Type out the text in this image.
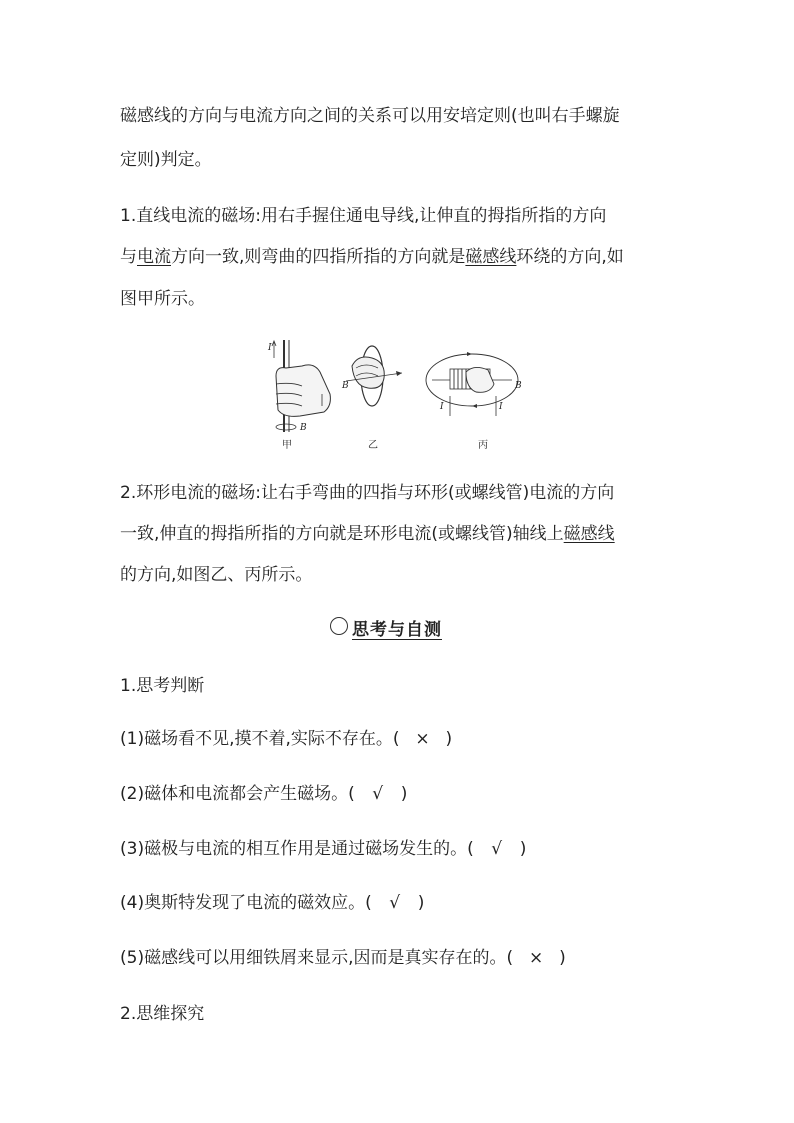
磁感线的方向与电流方向之间的关系可以用安培定则(也叫右手螺旋
定则)判定。
1.直线电流的磁场:用右手握住通电导线,让伸直的拇指所指的方向
与电流方向一致,则弯曲的四指所指的方向就是磁感线环绕的方向,如
图甲所示。
I
B
甲
B
乙
I	I
B
丙
2.环形电流的磁场:让右手弯曲的四指与环形(或螺线管)电流的方向
一致,伸直的拇指所指的方向就是环形电流(或螺线管)轴线上磁感线
的方向,如图乙、丙所示。
思考与自测
1.思考判断
(1)磁场看不见,摸不着,实际不存在。( × )
(2)磁体和电流都会产生磁场。( √ )
(3)磁极与电流的相互作用是通过磁场发生的。( √ )
(4)奥斯特发现了电流的磁效应。( √ )
(5)磁感线可以用细铁屑来显示,因而是真实存在的。( × )
2.思维探究
